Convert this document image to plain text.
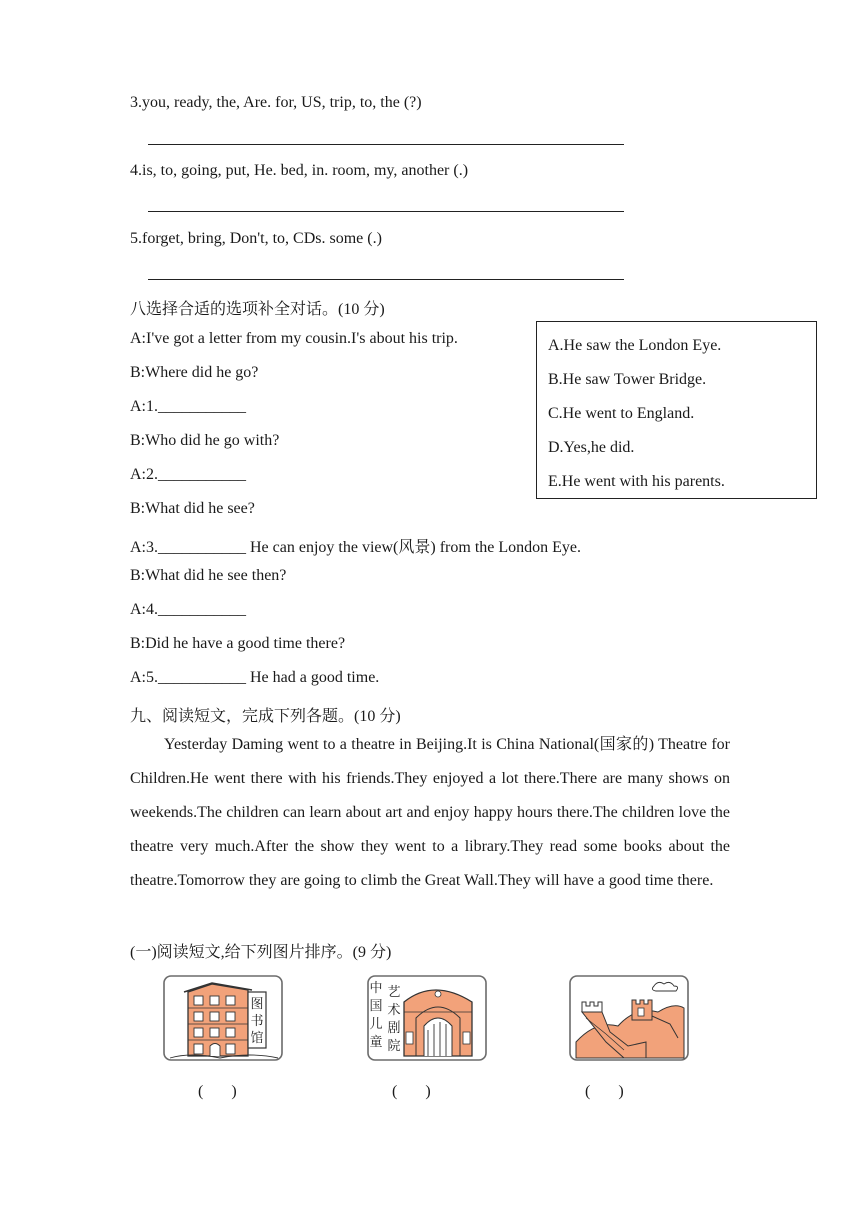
3.you, ready, the, Are. for, US, trip, to, the (?)
4.is, to, going, put, He. bed, in. room, my, another (.)
5.forget, bring, Don't, to, CDs. some (.)
八选择合适的选项补全对话。(10 分)
A:I've got a letter from my cousin.I's about his trip.
B:Where did he go?
A:1.___________
B:Who did he go with?
A:2.___________
B:What did he see?
A:3.___________ He can enjoy the view(风景) from the London Eye.
B:What did he see then?
A:4.___________
B:Did he have a good time there?
A:5.___________ He had a good time.
A.He saw the London Eye.
B.He saw Tower Bridge.
C.He went to England.
D.Yes,he did.
E.He went with his parents.
九、阅读短文，完成下列各题。(10 分)
Yesterday Daming went to a theatre in Beijing.It is China National(国家的) Theatre for Children.He went there with his friends.They enjoyed a lot there.There are many shows on weekends.The children can learn about art and enjoy happy hours there.The children love the theatre very much.After the show they went to a library.They read some books about the theatre.Tomorrow they are going to climb the Great Wall.They will have a good time there.
(一)阅读短文,给下列图片排序。(9 分)
图
书
馆
中
国
儿
童
艺
术
剧
院
(       )	(       )	(       )
